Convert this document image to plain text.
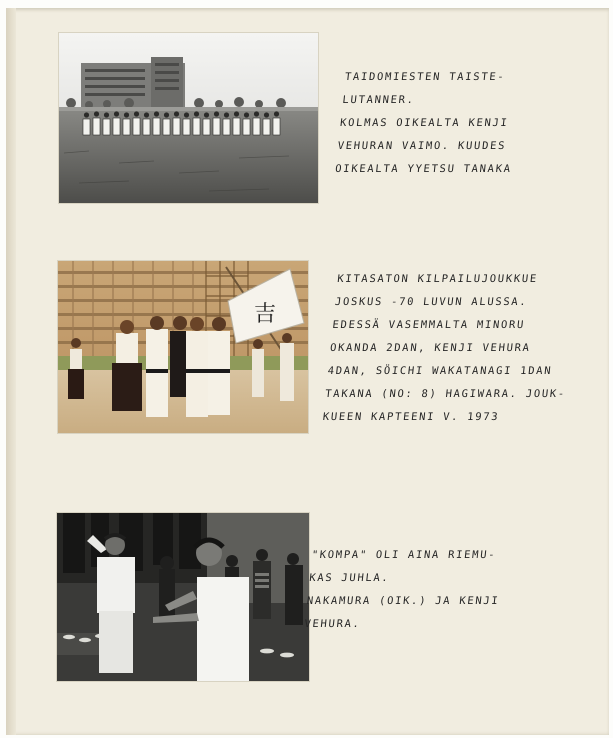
TAIDOMIESTEN TAISTE-
LUTANNER.
KOLMAS OIKEALTA KENJI
VEHURAN VAIMO. KUUDES
OIKEALTA YYETSU TANAKA
吉
KITASATON KILPAILUJOUKKUE
JOSKUS -70 LUVUN ALUSSA.
EDESSÄ VASEMMALTA MINORU
OKANDA 2DAN, KENJI VEHURA
4DAN, SÖICHI WAKATANAGI 1DAN
TAKANA (NO: 8) HAGIWARA. JOUK-
KUEEN KAPTEENI V. 1973
"KOMPA" OLI AINA RIEMU-
KAS JUHLA.
NAKAMURA (OIK.) JA KENJI
VEHURA.
